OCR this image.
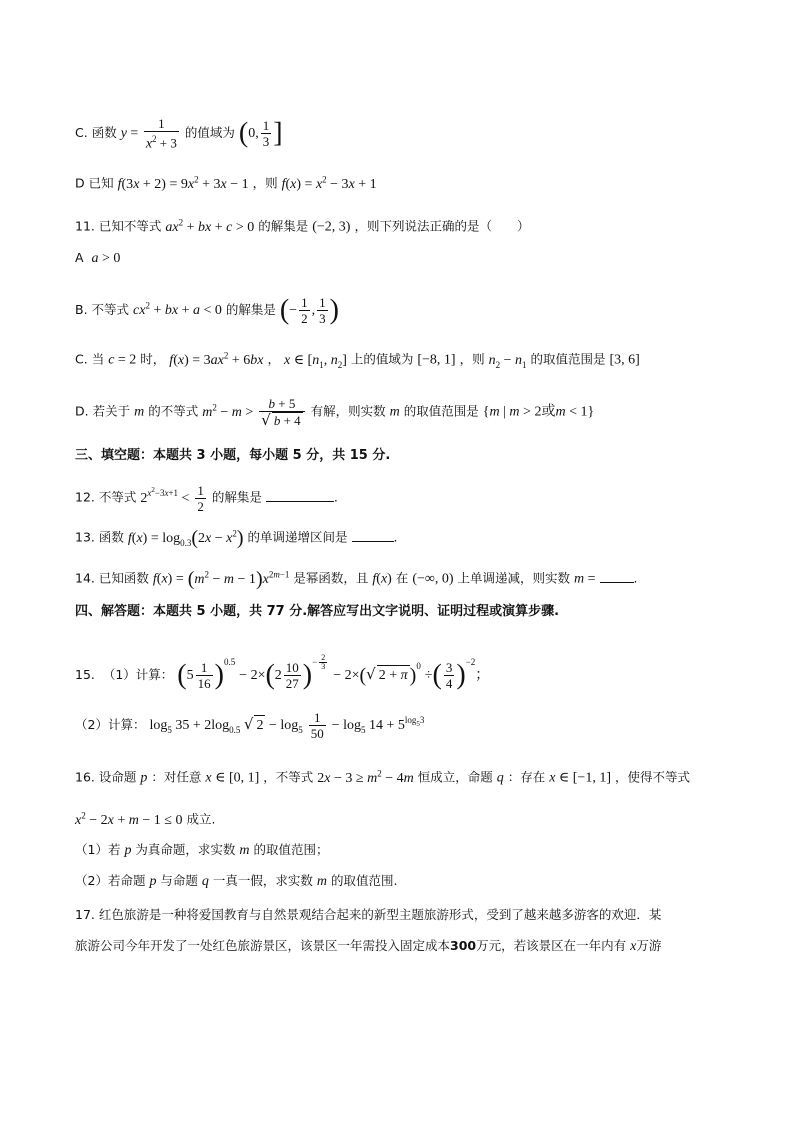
C. 函数 $y = \frac{1}{x^2 + 3}$ 的值域为 (0, $\frac{1}{3}$ ]
D 已知 $f(3x + 2) = 9x^2 + 3x - 1$ ，则 $f(x) = x^2 - 3x + 1$
11. 已知不等式 $ax^2$ + bx + c > 0 的解集是 (−2, 3) ，则下列说法正确的是（　　）
A a > 0
B. 不等式 $cx^2$ + bx + a < 0 的解集是 (− $\frac{1}{2}$ , $\frac{1}{3}$ )
C. 当 c = 2 时， $f(x) = 3ax^2 + 6bx$ ， x ∈ [$n_1$, $n_2$] 上的值域为 [−8, 1] ，则 $n_2 - n_1$ 的取值范围是 [3, 6]
D. 若关于 m 的不等式 $m^2 - m > \frac{b + 5}{√ b + 4}$ 有解，则实数 m 的取值范围是 {m | m > 2或m < 1}
三、填空题：本题共 3 小题，每小题 5 分，共 15 分.
12. 不等式 $2^{x^2-3x+1} < \frac{1}{2}$ 的解集是	.
13. 函数 $f(x) = \log_{0.3}(2x - x^2)$ 的单调递增区间是	.
14. 已知函数 $f(x) = (m^2 - m - 1)x^{2m-1}$ 是幂函数，且 f(x) 在 (−∞, 0) 上单调递减，则实数 m =	.
四、解答题：本题共 5 小题，共 77 分.解答应写出文字说明、证明过程或演算步骤.
15. （1）计算： $(5 \frac{1}{16} )^{0.5} - 2\times(2 \frac{10}{27} )^{- \frac{2}{3}}$
− 2×(√ 2 + π )$^0$ ÷( $\frac{3}{4} )^{-2}$；
（2）计算： $\log_5 35 + 2\log_{0.5}$ √ $2 - \log_5 \frac{1}{50} - \log_5 14 + 5^{log_53}$
16. 设命题 p ：对任意 x ∈ [0, 1] ，不等式 $2x - 3 \ge m^2 - 4m$ 恒成立，命题 q ：存在 x ∈ [−1, 1] ，使得不等式
$x^2 - 2x + m - 1 \le 0$ 成立.
（1）若 p 为真命题，求实数 m 的取值范围；
（2）若命题 p 与命题 q 一真一假，求实数 m 的取值范围.
17. 红色旅游是一种将爱国教育与自然景观结合起来的新型主题旅游形式，受到了越来越多游客的欢迎．某
旅游公司今年开发了一处红色旅游景区，该景区一年需投入固定成本300万元，若该景区在一年内有 x万游
